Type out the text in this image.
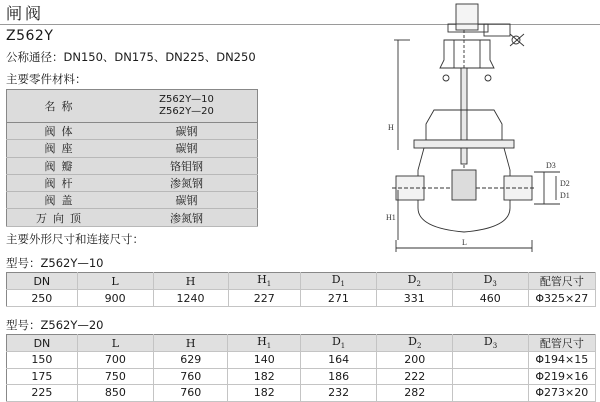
闸阀
Z562Y
公称通径：DN150、DN175、DN225、DN250
主要零件材料：
名称	Z562Y—10
Z562Y—20

阀体	碳钢
阀座	碳钢
阀瓣	铬钼钢
阀杆	渗氮钢
阀盖	碳钢
万向顶	渗氮钢
主要外形尺寸和连接尺寸：
型号：Z562Y—10
DN	L	H	$H_1$	$D_1$	$D_2$	$D_3$	配管尺寸
250	900	1240	227	271	331	460	Φ325×27
型号：Z562Y—20
DN	L	H	$H_1$	$D_1$	$D_2$	$D_3$	配管尺寸
150	700	629	140	164	200		Φ194×15
175	750	760	182	186	222		Φ219×16
225	850	760	182	232	282		Φ273×20
H
H1
D3
D2
D1
L
